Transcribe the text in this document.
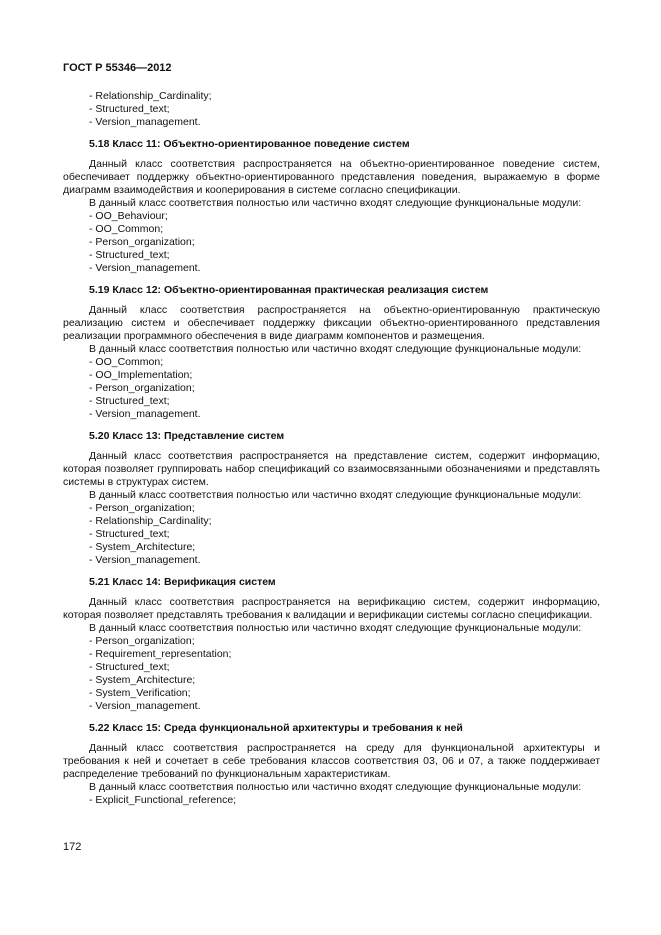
ГОСТ Р 55346—2012
- Relationship_Cardinality;
- Structured_text;
- Version_management.
5.18 Класс 11: Объектно-ориентированное поведение систем

Данный класс соответствия распространяется на объектно-ориентированное поведение систем, обеспечивает поддержку объектно-ориентированного представления поведения, выражаемую в форме диаграмм взаимодействия и кооперирования в системе согласно спецификации.

В данный класс соответствия полностью или частично входят следующие функциональные модули:

- OO_Behaviour;
- OO_Common;
- Person_organization;
- Structured_text;
- Version_management.
5.19 Класс 12: Объектно-ориентированная практическая реализация систем

Данный класс соответствия распространяется на объектно-ориентированную практическую реализацию систем и обеспечивает поддержку фиксации объектно-ориентированного представления реализации программного обеспечения в виде диаграмм компонентов и размещения.

В данный класс соответствия полностью или частично входят следующие функциональные модули:

- OO_Common;
- OO_Implementation;
- Person_organization;
- Structured_text;
- Version_management.
5.20 Класс 13: Представление систем

Данный класс соответствия распространяется на представление систем, содержит информацию, которая позволяет группировать набор спецификаций со взаимосвязанными обозначениями и представлять системы в структурах систем.

В данный класс соответствия полностью или частично входят следующие функциональные модули:

- Person_organization;
- Relationship_Cardinality;
- Structured_text;
- System_Architecture;
- Version_management.
5.21 Класс 14: Верификация систем

Данный класс соответствия распространяется на верификацию систем, содержит информацию, которая позволяет представлять требования к валидации и верификации системы согласно спецификации.

В данный класс соответствия полностью или частично входят следующие функциональные модули:

- Person_organization;
- Requirement_representation;
- Structured_text;
- System_Architecture;
- System_Verification;
- Version_management.
5.22 Класс 15: Среда функциональной архитектуры и требования к ней

Данный класс соответствия распространяется на среду для функциональной архитектуры и требования к ней и сочетает в себе требования классов соответствия 03, 06 и 07, а также поддерживает распределение требований по функциональным характеристикам.

В данный класс соответствия полностью или частично входят следующие функциональные модули:

- Explicit_Functional_reference;
172
